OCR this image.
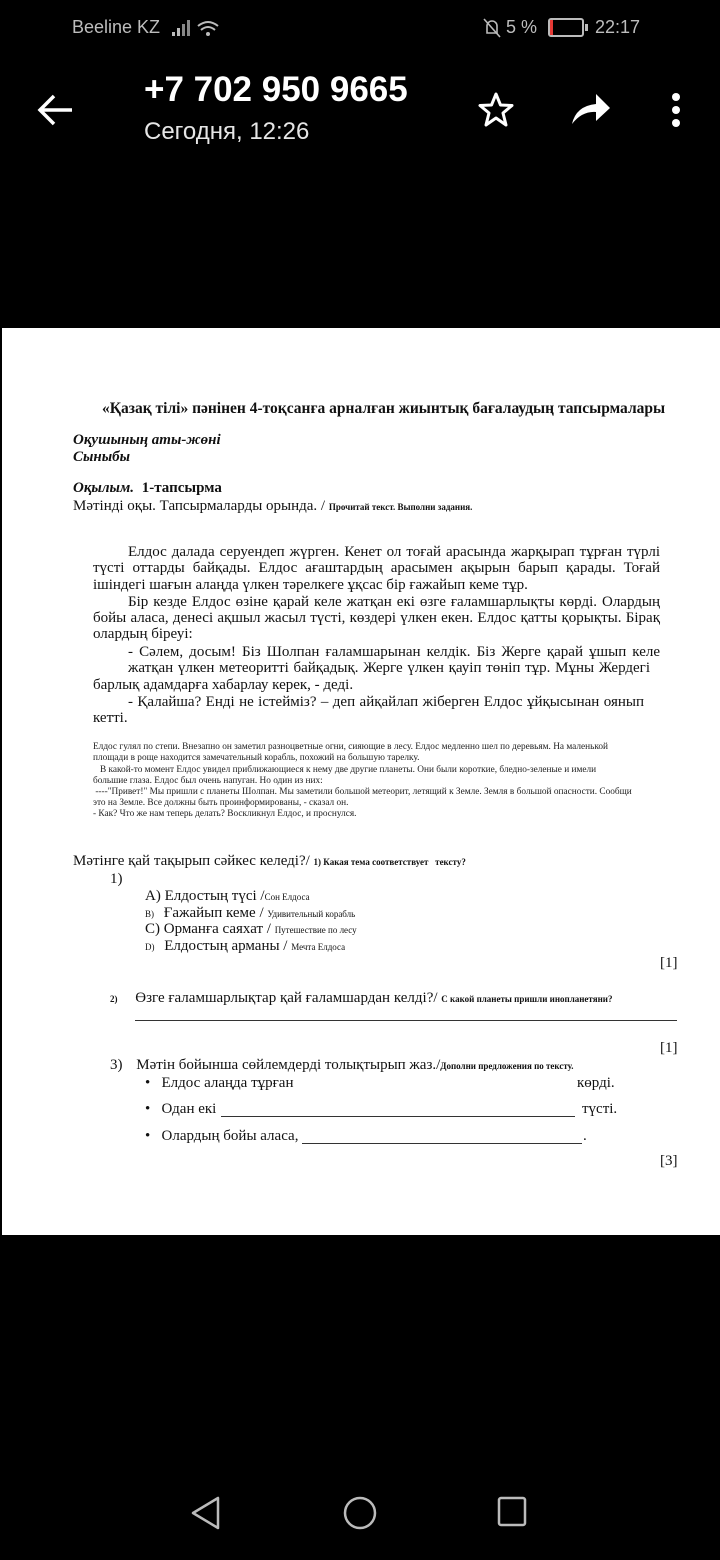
Beeline KZ	5 %	22:17
+7 702 950 9665
Сегодня, 12:26
«Қазақ тілі» пәнінен 4-тоқсанға арналған жиынтық бағалаудың тапсырмалары
Оқушының аты-жөні
Сыныбы
Оқылым. 1-тапсырма
Мәтінді оқы. Тапсырмаларды орында. / Прочитай текст. Выполни задания.
Елдос далада серуендеп жүрген. Кенет ол тоғай арасында жарқырап тұрған түрлі
түсті оттарды байқады. Елдос ағаштардың арасымен ақырын барып қарады. Тоғай
ішіндегі шағын алаңда үлкен тәрелкеге ұқсас бір ғажайып кеме тұр.
Бір кезде Елдос өзіне қарай келе жатқан екі өзге ғаламшарлықты көрді. Олардың
бойы аласа, денесі ақшыл жасыл түсті, көздері үлкен екен. Елдос қатты қорықты. Бірақ
олардың біреуі:
- Сәлем, досым! Біз Шолпан ғаламшарынан келдік. Біз Жерге қарай ұшып келе
жатқан үлкен метеоритті байқадық. Жерге үлкен қауіп төніп тұр. Мұны Жердегі
барлық адамдарға хабарлау керек, - деді.
- Қалайша? Енді не істейміз? – деп айқайлап жіберген Елдос ұйқысынан оянып
кетті.
Елдос гулял по степи. Внезапно он заметил разноцветные огни, сияющие в лесу. Елдос медленно шел по деревьям. На маленькой
площади в роще находится замечательный корабль, похожий на большую тарелку.
В какой-то момент Елдос увидел приближающиеся к нему две другие планеты. Они были короткие, бледно-зеленые и имели
большие глаза. Елдос был очень напуган. Но один из них:
----"Привет!" Мы пришли с планеты Шолпан. Мы заметили большой метеорит, летящий к Земле. Земля в большой опасности. Сообщи
это на Земле. Все должны быть проинформированы, - сказал он.
- Как? Что же нам теперь делать? Воскликнул Елдос, и проснулся.
Мәтінге қай тақырып сәйкес келеді?/ 1) Какая тема соответствует   тексту?
1)
A) Елдостың түсі /Сон Елдоса
B) Ғажайып кеме / Удивительный корабль
C) Орманға саяхат / Путешествие по лесу
D) Елдостың арманы / Мечта Елдоса
[1]
2) Өзге ғаламшарлықтар қай ғаламшардан келді?/ С какой планеты пришли инопланетяни?
[1]
3) Мәтін бойынша сөйлемдерді толықтырып жаз./Дополни предложения по тексту.
•   Елдос алаңда тұрған	көрді.
•   Одан екі	түсті.
•   Олардың бойы аласа,	.
[3]
